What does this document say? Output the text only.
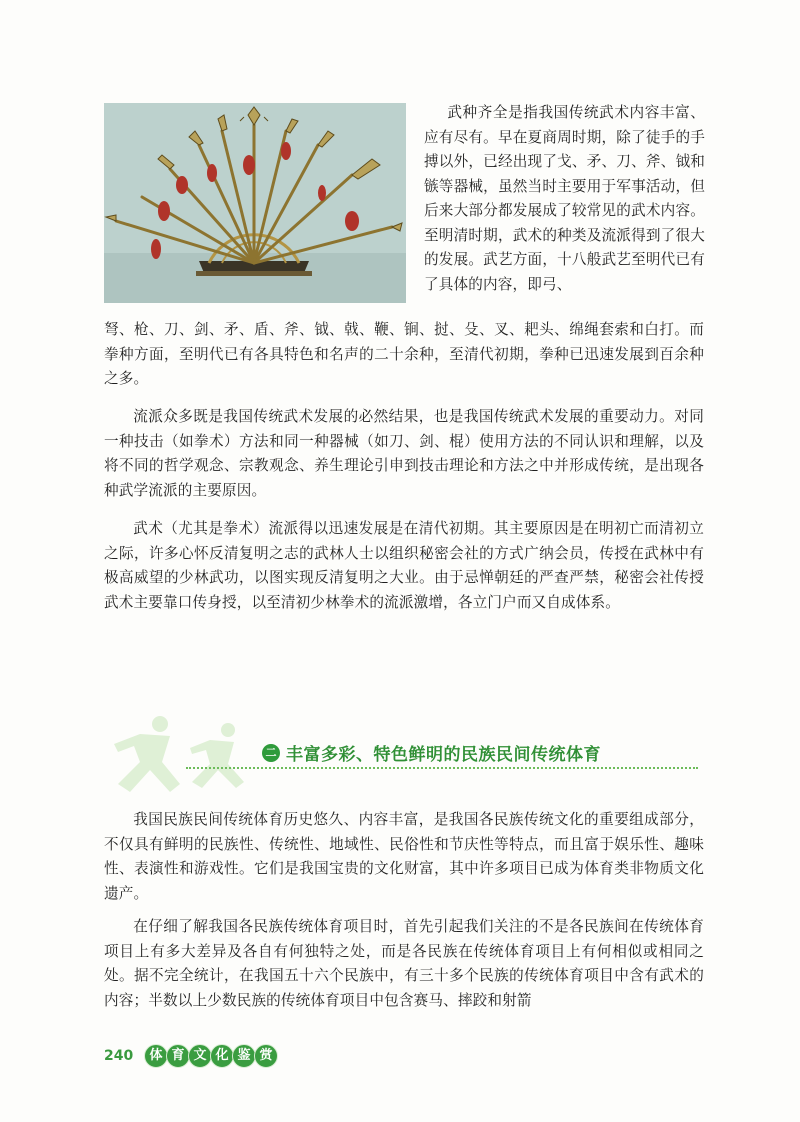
武种齐全是指我国传统武术内容丰富、应有尽有。早在夏商周时期，除了徒手的手搏以外，已经出现了戈、矛、刀、斧、钺和镞等器械，虽然当时主要用于军事活动，但后来大部分都发展成了较常见的武术内容。至明清时期，武术的种类及流派得到了很大的发展。武艺方面，十八般武艺至明代已有了具体的内容，即弓、

弩、枪、刀、剑、矛、盾、斧、钺、戟、鞭、锏、挝、殳、叉、耙头、绵绳套索和白打。而拳种方面，至明代已有各具特色和名声的二十余种，至清代初期，拳种已迅速发展到百余种之多。

流派众多既是我国传统武术发展的必然结果，也是我国传统武术发展的重要动力。对同一种技击（如拳术）方法和同一种器械（如刀、剑、棍）使用方法的不同认识和理解，以及将不同的哲学观念、宗教观念、养生理论引申到技击理论和方法之中并形成传统，是出现各种武学流派的主要原因。

武术（尤其是拳术）流派得以迅速发展是在清代初期。其主要原因是在明初亡而清初立之际，许多心怀反清复明之志的武林人士以组织秘密会社的方式广纳会员，传授在武林中有极高威望的少林武功，以图实现反清复明之大业。由于忌惮朝廷的严查严禁，秘密会社传授武术主要靠口传身授，以至清初少林拳术的流派激增，各立门户而又自成体系。

二 丰富多彩、特色鲜明的民族民间传统体育

我国民族民间传统体育历史悠久、内容丰富，是我国各民族传统文化的重要组成部分，不仅具有鲜明的民族性、传统性、地域性、民俗性和节庆性等特点，而且富于娱乐性、趣味性、表演性和游戏性。它们是我国宝贵的文化财富，其中许多项目已成为体育类非物质文化遗产。

在仔细了解我国各民族传统体育项目时，首先引起我们关注的不是各民族间在传统体育项目上有多大差异及各自有何独特之处，而是各民族在传统体育项目上有何相似或相同之处。据不完全统计，在我国五十六个民族中，有三十多个民族的传统体育项目中含有武术的内容；半数以上少数民族的传统体育项目中包含赛马、摔跤和射箭

240	体 育 文 化 鉴 赏
